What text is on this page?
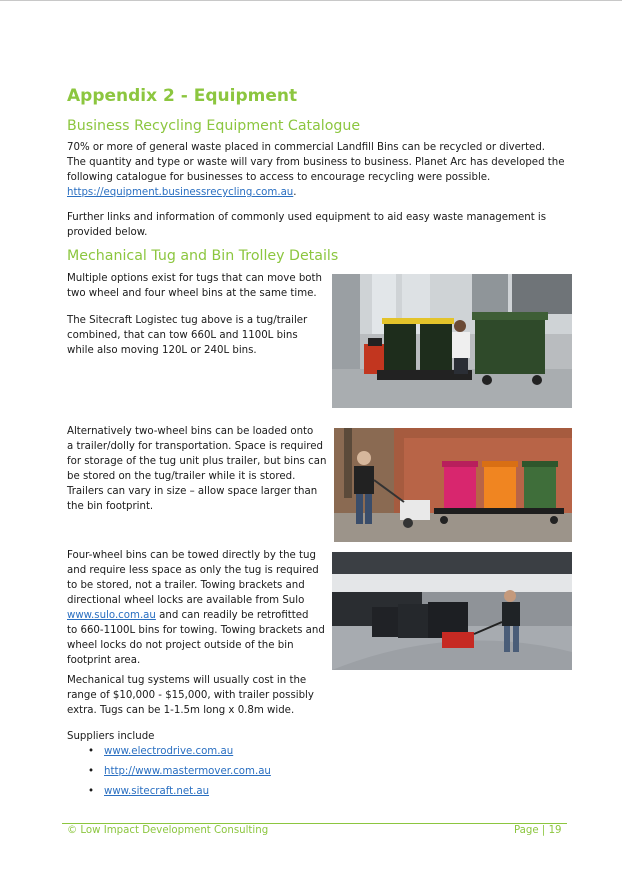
Appendix 2 - Equipment
Business Recycling Equipment Catalogue
70% or more of general waste placed in commercial Landfill Bins can be recycled or diverted.
The quantity and type or waste will vary from business to business. Planet Arc has developed the
following catalogue for businesses to access to encourage recycling were possible.
https://equipment.businessrecycling.com.au.
Further links and information of commonly used equipment to aid easy waste management is
provided below.
Mechanical Tug and Bin Trolley Details
Multiple options exist for tugs that can move both
two wheel and four wheel bins at the same time.
The Sitecraft Logistec tug above is a tug/trailer
combined, that can tow 660L and 1100L bins
while also moving 120L or 240L bins.
Alternatively two-wheel bins can be loaded onto
a trailer/dolly for transportation. Space is required
for storage of the tug unit plus trailer, but bins can
be stored on the tug/trailer while it is stored.
Trailers can vary in size – allow space larger than
the bin footprint.
Four-wheel bins can be towed directly by the tug
and require less space as only the tug is required
to be stored, not a trailer. Towing brackets and
directional wheel locks are available from Sulo
www.sulo.com.au and can readily be retrofitted
to 660-1100L bins for towing. Towing brackets and
wheel locks do not project outside of the bin
footprint area.
Mechanical tug systems will usually cost in the
range of $10,000 - $15,000, with trailer possibly
extra. Tugs can be 1-1.5m long x 0.8m wide.
Suppliers include
• www.electrodrive.com.au
• http://www.mastermover.com.au
• www.sitecraft.net.au
© Low Impact Development Consulting	Page | 19
